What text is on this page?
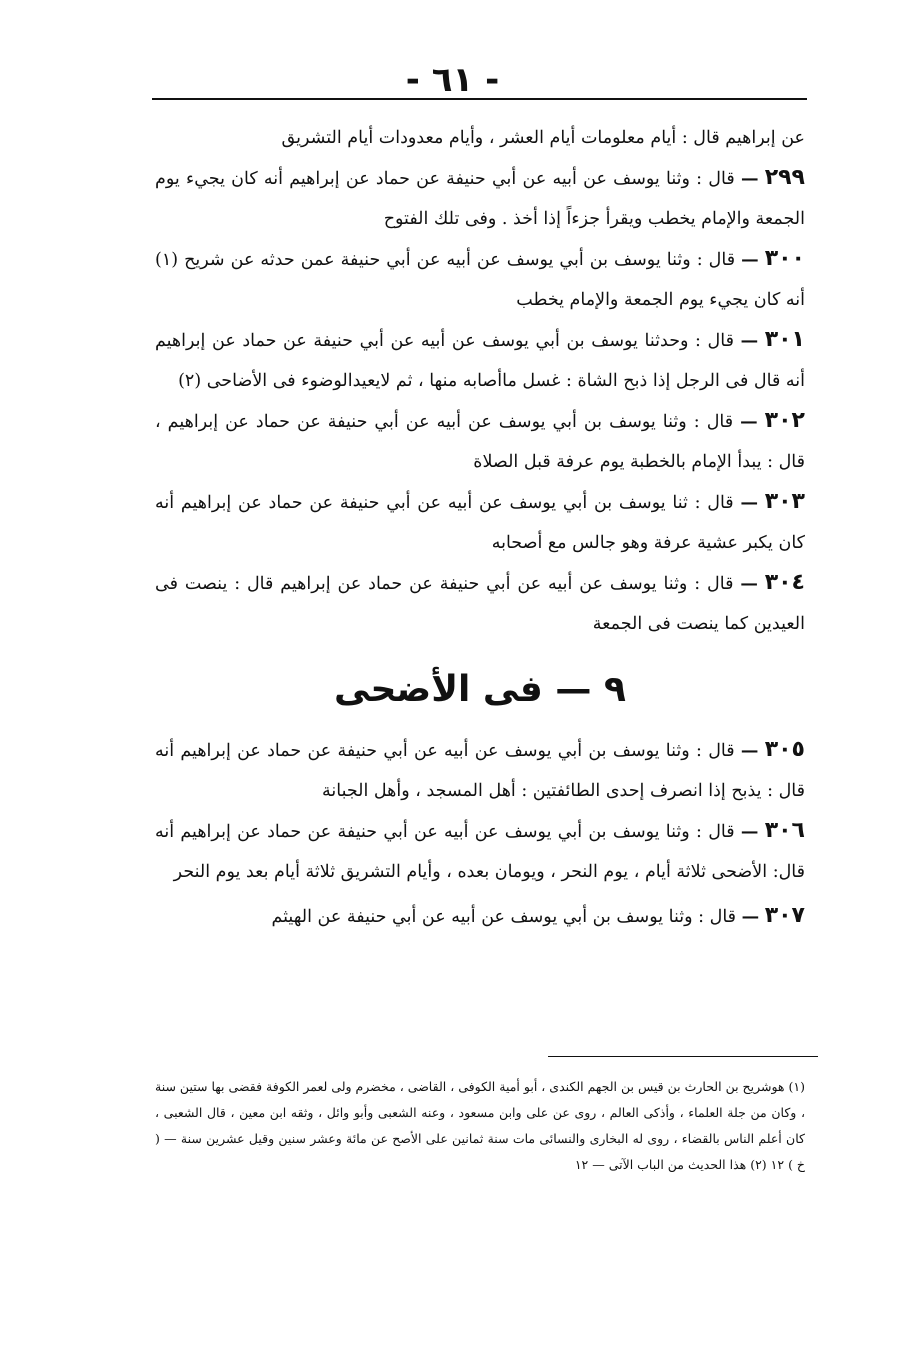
- ٦١ -

عن إبراهيم قال : أيام معلومات أيام العشر ، وأيام معدودات أيام التشريق

٢٩٩ — قال : وثنا يوسف عن أبيه عن أبي حنيفة عن حماد عن إبراهيم أنه كان يجيء يوم الجمعة والإمام يخطب ويقرأ جزءاً إذا أخذ . وفى تلك الفتوح

٣٠٠ — قال : وثنا يوسف بن أبي يوسف عن أبيه عن أبي حنيفة عمن حدثه عن شريح (١) أنه كان يجيء يوم الجمعة والإمام يخطب

٣٠١ — قال : وحدثنا يوسف بن أبي يوسف عن أبيه عن أبي حنيفة عن حماد عن إبراهيم أنه قال فى الرجل إذا ذبح الشاة : غسل ماأصابه منها ، ثم لايعيدالوضوء فى الأضاحى (٢)

٣٠٢ — قال : وثنا يوسف بن أبي يوسف عن أبيه عن أبي حنيفة عن حماد عن إبراهيم ، قال : يبدأ الإمام بالخطبة يوم عرفة قبل الصلاة

٣٠٣ — قال : ثنا يوسف بن أبي يوسف عن أبيه عن أبي حنيفة عن حماد عن إبراهيم أنه كان يكبر عشية عرفة وهو جالس مع أصحابه

٣٠٤ — قال : وثنا يوسف عن أبيه عن أبي حنيفة عن حماد عن إبراهيم قال : ينصت فى العيدين كما ينصت فى الجمعة

٩ — فى الأضحى

٣٠٥ — قال : وثنا يوسف بن أبي يوسف عن أبيه عن أبي حنيفة عن حماد عن إبراهيم أنه قال : يذبح إذا انصرف إحدى الطائفتين : أهل المسجد ، وأهل الجبانة

٣٠٦ — قال : وثنا يوسف بن أبي يوسف عن أبيه عن أبي حنيفة عن حماد عن إبراهيم أنه قال: الأضحى ثلاثة أيام ، يوم النحر ، ويومان بعده ، وأيام التشريق ثلاثة أيام بعد يوم النحر

٣٠٧ — قال : وثنا يوسف بن أبي يوسف عن أبيه عن أبي حنيفة عن الهيثم

(١) هوشريح بن الحارث بن قيس بن الجهم الكندى ، أبو أمية الكوفى ، القاضى ، مخضرم ولى لعمر الكوفة فقضى بها ستين سنة ، وكان من جلة العلماء ، وأذكى العالم ، روى عن على وابن مسعود ، وعنه الشعبى وأبو وائل ، وثقه ابن معين ، قال الشعبى ، كان أعلم الناس بالقضاء ، روى له البخارى والنسائى مات سنة ثمانين على الأصح عن مائة وعشر سنين وقيل عشرين سنة — ( خ ) ١٢ (٢) هذا الحديث من الباب الآتى — ١٢
